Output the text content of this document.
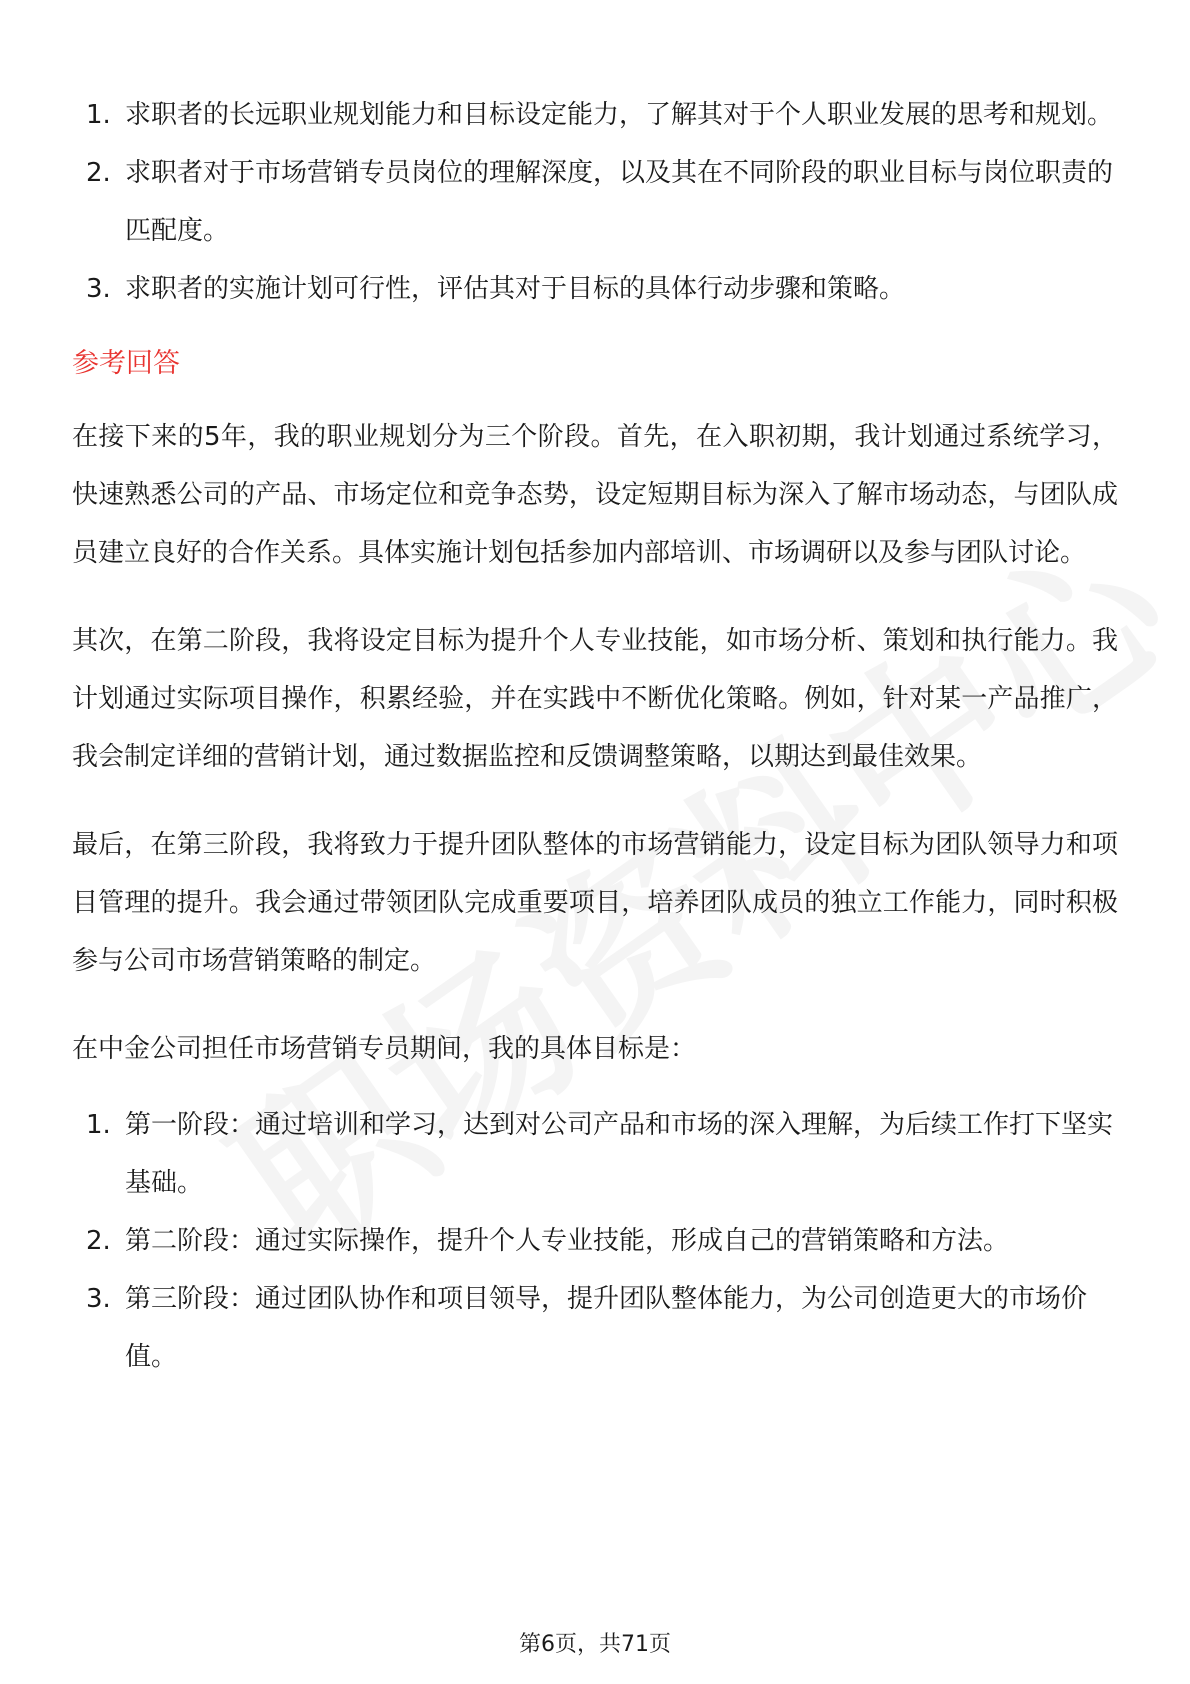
1. 求职者的长远职业规划能力和目标设定能力，了解其对于个人职业发展的思考和规划。
2. 求职者对于市场营销专员岗位的理解深度，以及其在不同阶段的职业目标与岗位职责的匹配度。
3. 求职者的实施计划可行性，评估其对于目标的具体行动步骤和策略。
参考回答

在接下来的5年，我的职业规划分为三个阶段。首先，在入职初期，我计划通过系统学习，快速熟悉公司的产品、市场定位和竞争态势，设定短期目标为深入了解市场动态，与团队成员建立良好的合作关系。具体实施计划包括参加内部培训、市场调研以及参与团队讨论。

其次，在第二阶段，我将设定目标为提升个人专业技能，如市场分析、策划和执行能力。我计划通过实际项目操作，积累经验，并在实践中不断优化策略。例如，针对某一产品推广，我会制定详细的营销计划，通过数据监控和反馈调整策略，以期达到最佳效果。

最后，在第三阶段，我将致力于提升团队整体的市场营销能力，设定目标为团队领导力和项目管理的提升。我会通过带领团队完成重要项目，培养团队成员的独立工作能力，同时积极参与公司市场营销策略的制定。

在中金公司担任市场营销专员期间，我的具体目标是：

1. 第一阶段：通过培训和学习，达到对公司产品和市场的深入理解，为后续工作打下坚实基础。
2. 第二阶段：通过实际操作，提升个人专业技能，形成自己的营销策略和方法。
3. 第三阶段：通过团队协作和项目领导，提升团队整体能力，为公司创造更大的市场价值。
第6页，共71页
